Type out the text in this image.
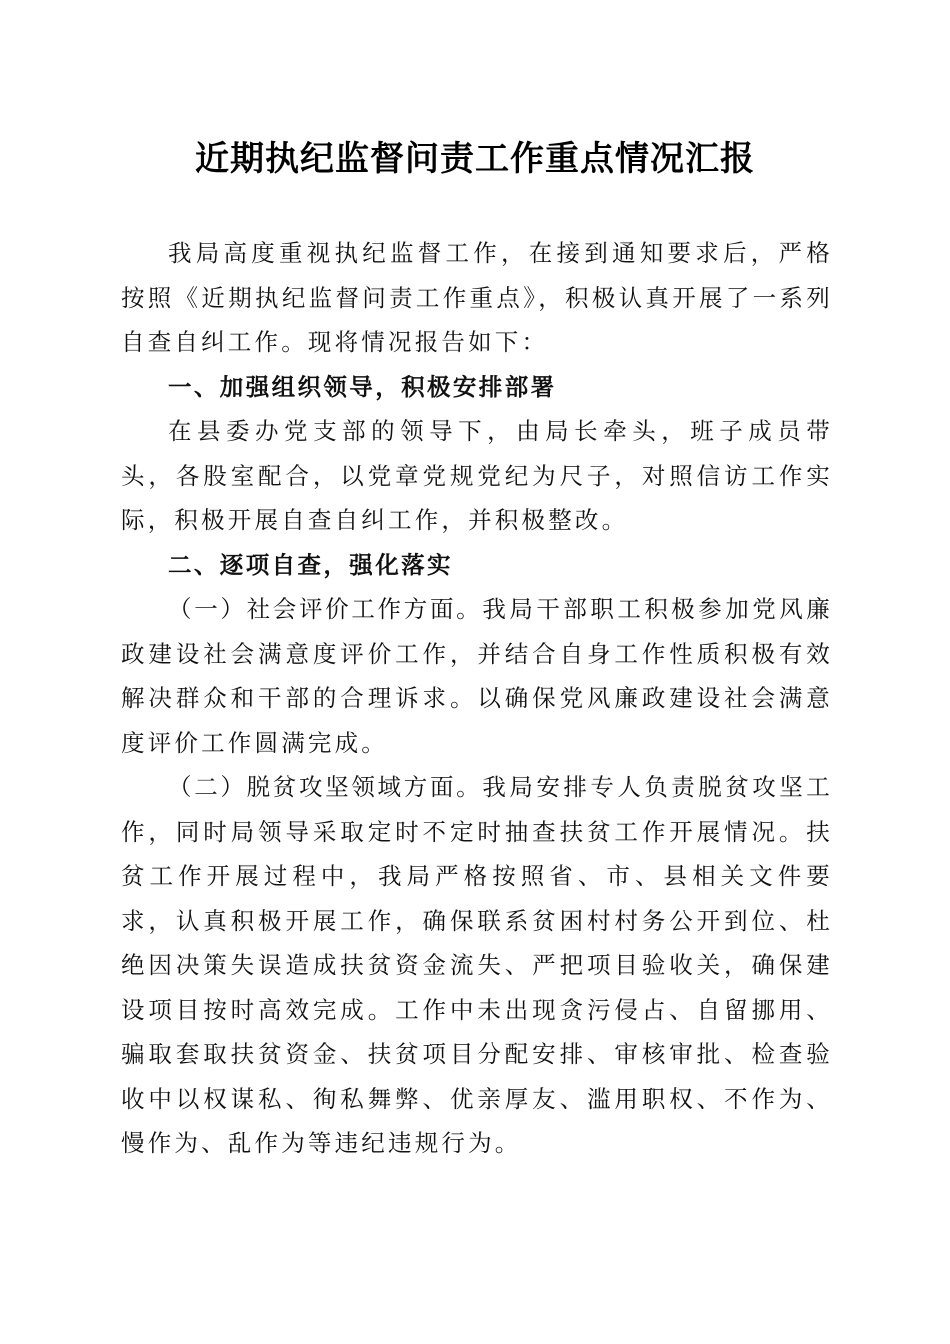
近期执纪监督问责工作重点情况汇报

我局高度重视执纪监督工作，在接到通知要求后，严格按照《近期执纪监督问责工作重点》，积极认真开展了一系列自查自纠工作。现将情况报告如下：

一、加强组织领导，积极安排部署

在县委办党支部的领导下，由局长牵头，班子成员带头，各股室配合，以党章党规党纪为尺子，对照信访工作实际，积极开展自查自纠工作，并积极整改。

二、逐项自查，强化落实

（一）社会评价工作方面。我局干部职工积极参加党风廉政建设社会满意度评价工作，并结合自身工作性质积极有效解决群众和干部的合理诉求。以确保党风廉政建设社会满意度评价工作圆满完成。

（二）脱贫攻坚领域方面。我局安排专人负责脱贫攻坚工作，同时局领导采取定时不定时抽查扶贫工作开展情况。扶贫工作开展过程中，我局严格按照省、市、县相关文件要求，认真积极开展工作，确保联系贫困村村务公开到位、杜绝因决策失误造成扶贫资金流失、严把项目验收关，确保建设项目按时高效完成。工作中未出现贪污侵占、自留挪用、骗取套取扶贫资金、扶贫项目分配安排、审核审批、检查验收中以权谋私、徇私舞弊、优亲厚友、滥用职权、不作为、慢作为、乱作为等违纪违规行为。
